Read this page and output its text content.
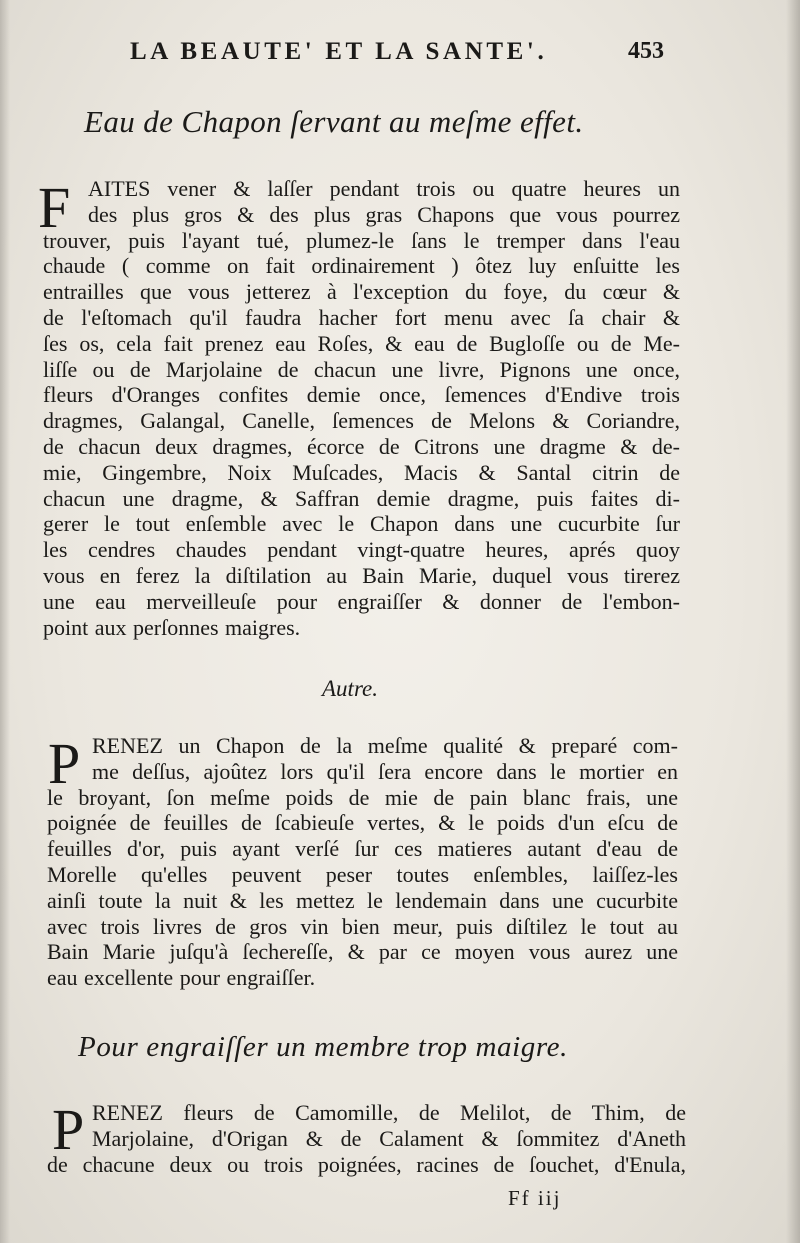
LA BEAUTE' ET LA SANTE'.	453
Eau de Chapon ſervant au meſme effet.
F AITES vener & laſſer pendant trois ou quatre heures un
des plus gros & des plus gras Chapons que vous pourrez
trouver, puis l'ayant tué, plumez-le ſans le tremper dans l'eau
chaude ( comme on fait ordinairement ) ôtez luy enſuitte les
entrailles que vous jetterez à l'exception du foye, du cœur &
de l'eſtomach qu'il faudra hacher fort menu avec ſa chair &
ſes os, cela fait prenez eau Roſes, & eau de Bugloſſe ou de Me-
liſſe ou de Marjolaine de chacun une livre, Pignons une once,
fleurs d'Oranges confites demie once, ſemences d'Endive trois
dragmes, Galangal, Canelle, ſemences de Melons & Coriandre,
de chacun deux dragmes, écorce de Citrons une dragme & de-
mie, Gingembre, Noix Muſcades, Macis & Santal citrin de
chacun une dragme, & Saffran demie dragme, puis faites di-
gerer le tout enſemble avec le Chapon dans une cucurbite ſur
les cendres chaudes pendant vingt-quatre heures, aprés quoy
vous en ferez la diſtilation au Bain Marie, duquel vous tirerez
une eau merveilleuſe pour engraiſſer & donner de l'embon-
point aux perſonnes maigres.
Autre.
P RENEZ un Chapon de la meſme qualité & preparé com-
me deſſus, ajoûtez lors qu'il ſera encore dans le mortier en
le broyant, ſon meſme poids de mie de pain blanc frais, une
poignée de feuilles de ſcabieuſe vertes, & le poids d'un eſcu de
feuilles d'or, puis ayant verſé ſur ces matieres autant d'eau de
Morelle qu'elles peuvent peser toutes enſembles, laiſſez-les
ainſi toute la nuit & les mettez le lendemain dans une cucurbite
avec trois livres de gros vin bien meur, puis diſtilez le tout au
Bain Marie juſqu'à ſechereſſe, & par ce moyen vous aurez une
eau excellente pour engraiſſer.
Pour engraiſſer un membre trop maigre.
P RENEZ fleurs de Camomille, de Melilot, de Thim, de
Marjolaine, d'Origan & de Calament & ſommitez d'Aneth
de chacune deux ou trois poignées, racines de ſouchet, d'Enula,
Ff iij
